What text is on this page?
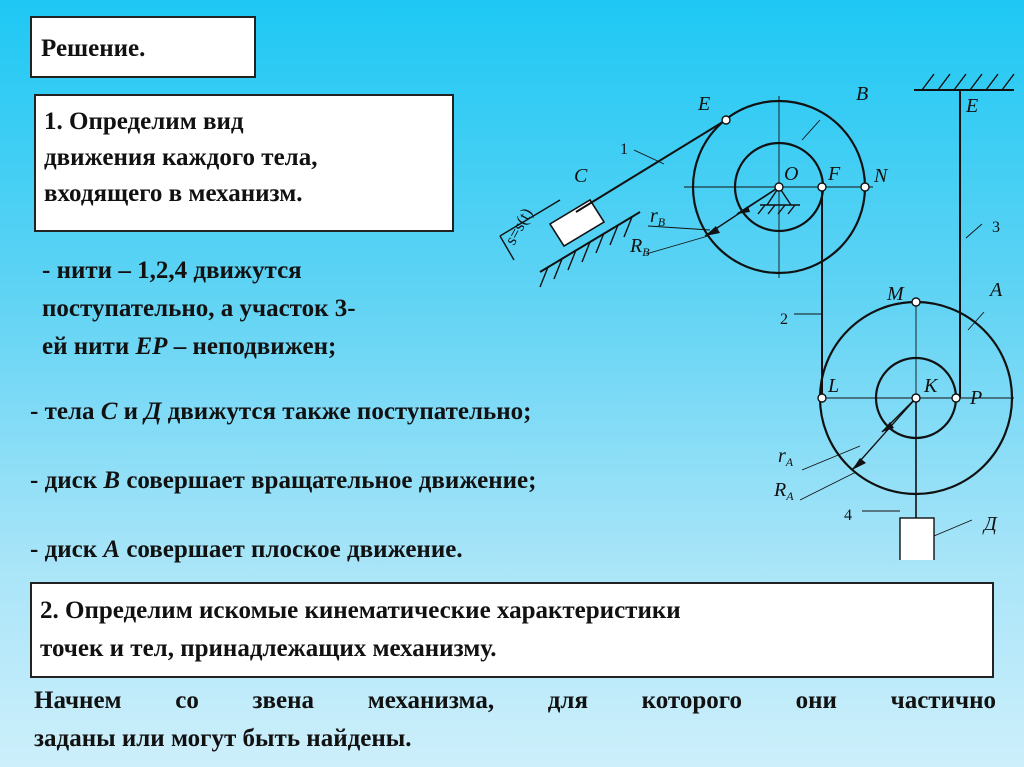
Решение.
1. Определим вид
движения каждого тела,
входящего в механизм.
- нити – 1,2,4 движутся
поступательно, а участок 3-
ей нити ЕР – неподвижен;
- тела С и Д движутся также поступательно;
- диск В совершает вращательное движение;
- диск А совершает плоское движение.
2. Определим искомые кинематические характеристики
точек и тел, принадлежащих механизму.
Начнем со звена механизма, для которого они частично
заданы или могут быть найдены.
E	B
E
C	O F N
$r_B$
$R_B$
s=s(t)
M	A
L	K
P
$r_A$
$R_A$
Д
1
2
3
4
